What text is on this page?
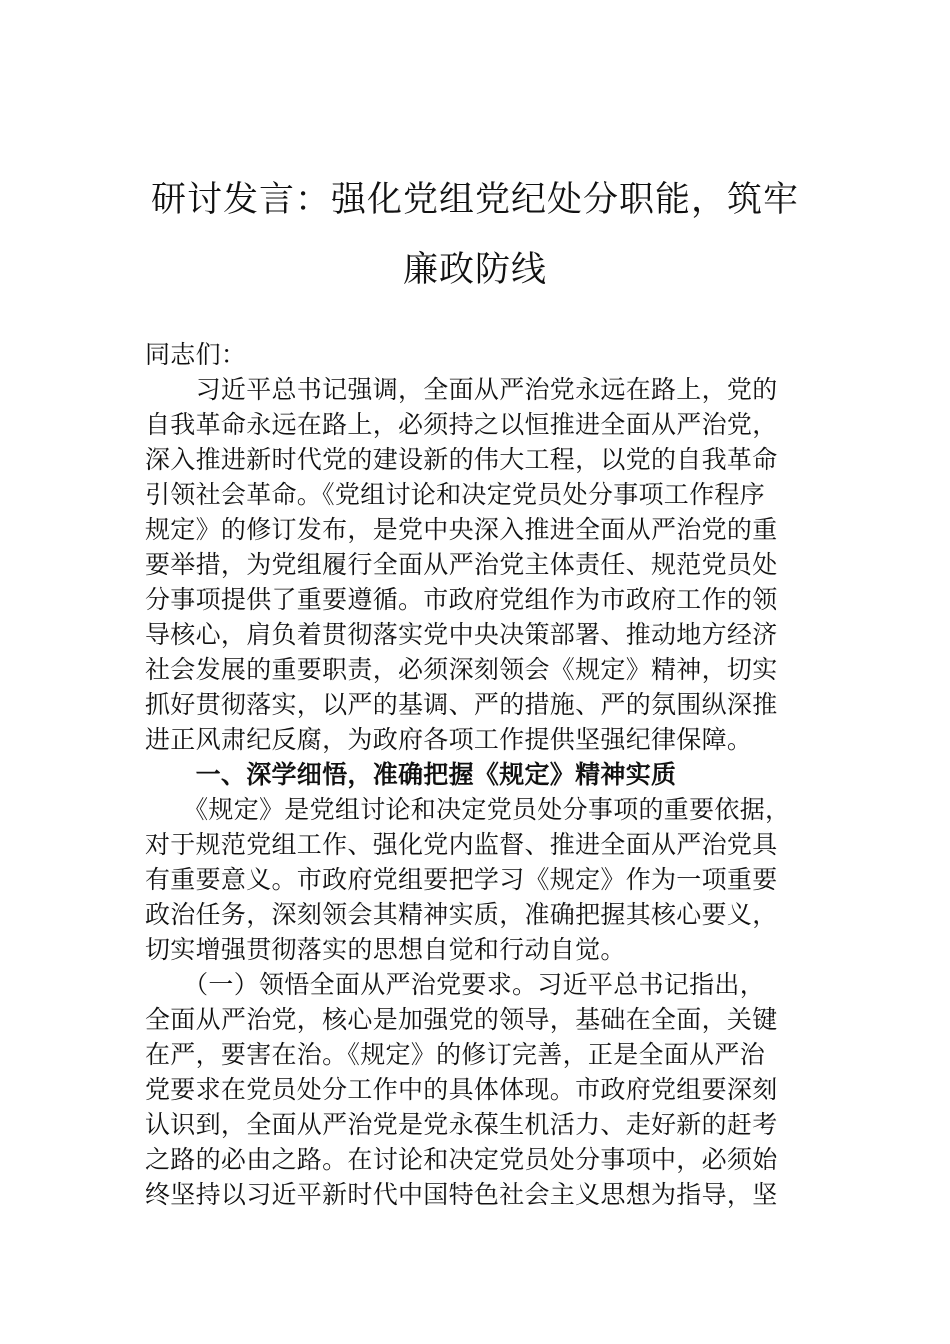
研讨发言：强化党组党纪处分职能，筑牢
廉政防线
同志们：
　　习近平总书记强调，全面从严治党永远在路上，党的
自我革命永远在路上，必须持之以恒推进全面从严治党，
深入推进新时代党的建设新的伟大工程，以党的自我革命
引领社会革命。《党组讨论和决定党员处分事项工作程序
规定》的修订发布，是党中央深入推进全面从严治党的重
要举措，为党组履行全面从严治党主体责任、规范党员处
分事项提供了重要遵循。市政府党组作为市政府工作的领
导核心，肩负着贯彻落实党中央决策部署、推动地方经济
社会发展的重要职责，必须深刻领会《规定》精神，切实
抓好贯彻落实，以严的基调、严的措施、严的氛围纵深推
进正风肃纪反腐，为政府各项工作提供坚强纪律保障。
　　一、深学细悟，准确把握《规定》精神实质
　　《规定》是党组讨论和决定党员处分事项的重要依据，
对于规范党组工作、强化党内监督、推进全面从严治党具
有重要意义。市政府党组要把学习《规定》作为一项重要
政治任务，深刻领会其精神实质，准确把握其核心要义，
切实增强贯彻落实的思想自觉和行动自觉。
　　（一）领悟全面从严治党要求。习近平总书记指出，
全面从严治党，核心是加强党的领导，基础在全面，关键
在严，要害在治。《规定》的修订完善，正是全面从严治
党要求在党员处分工作中的具体体现。市政府党组要深刻
认识到，全面从严治党是党永葆生机活力、走好新的赶考
之路的必由之路。在讨论和决定党员处分事项中，必须始
终坚持以习近平新时代中国特色社会主义思想为指导，坚
